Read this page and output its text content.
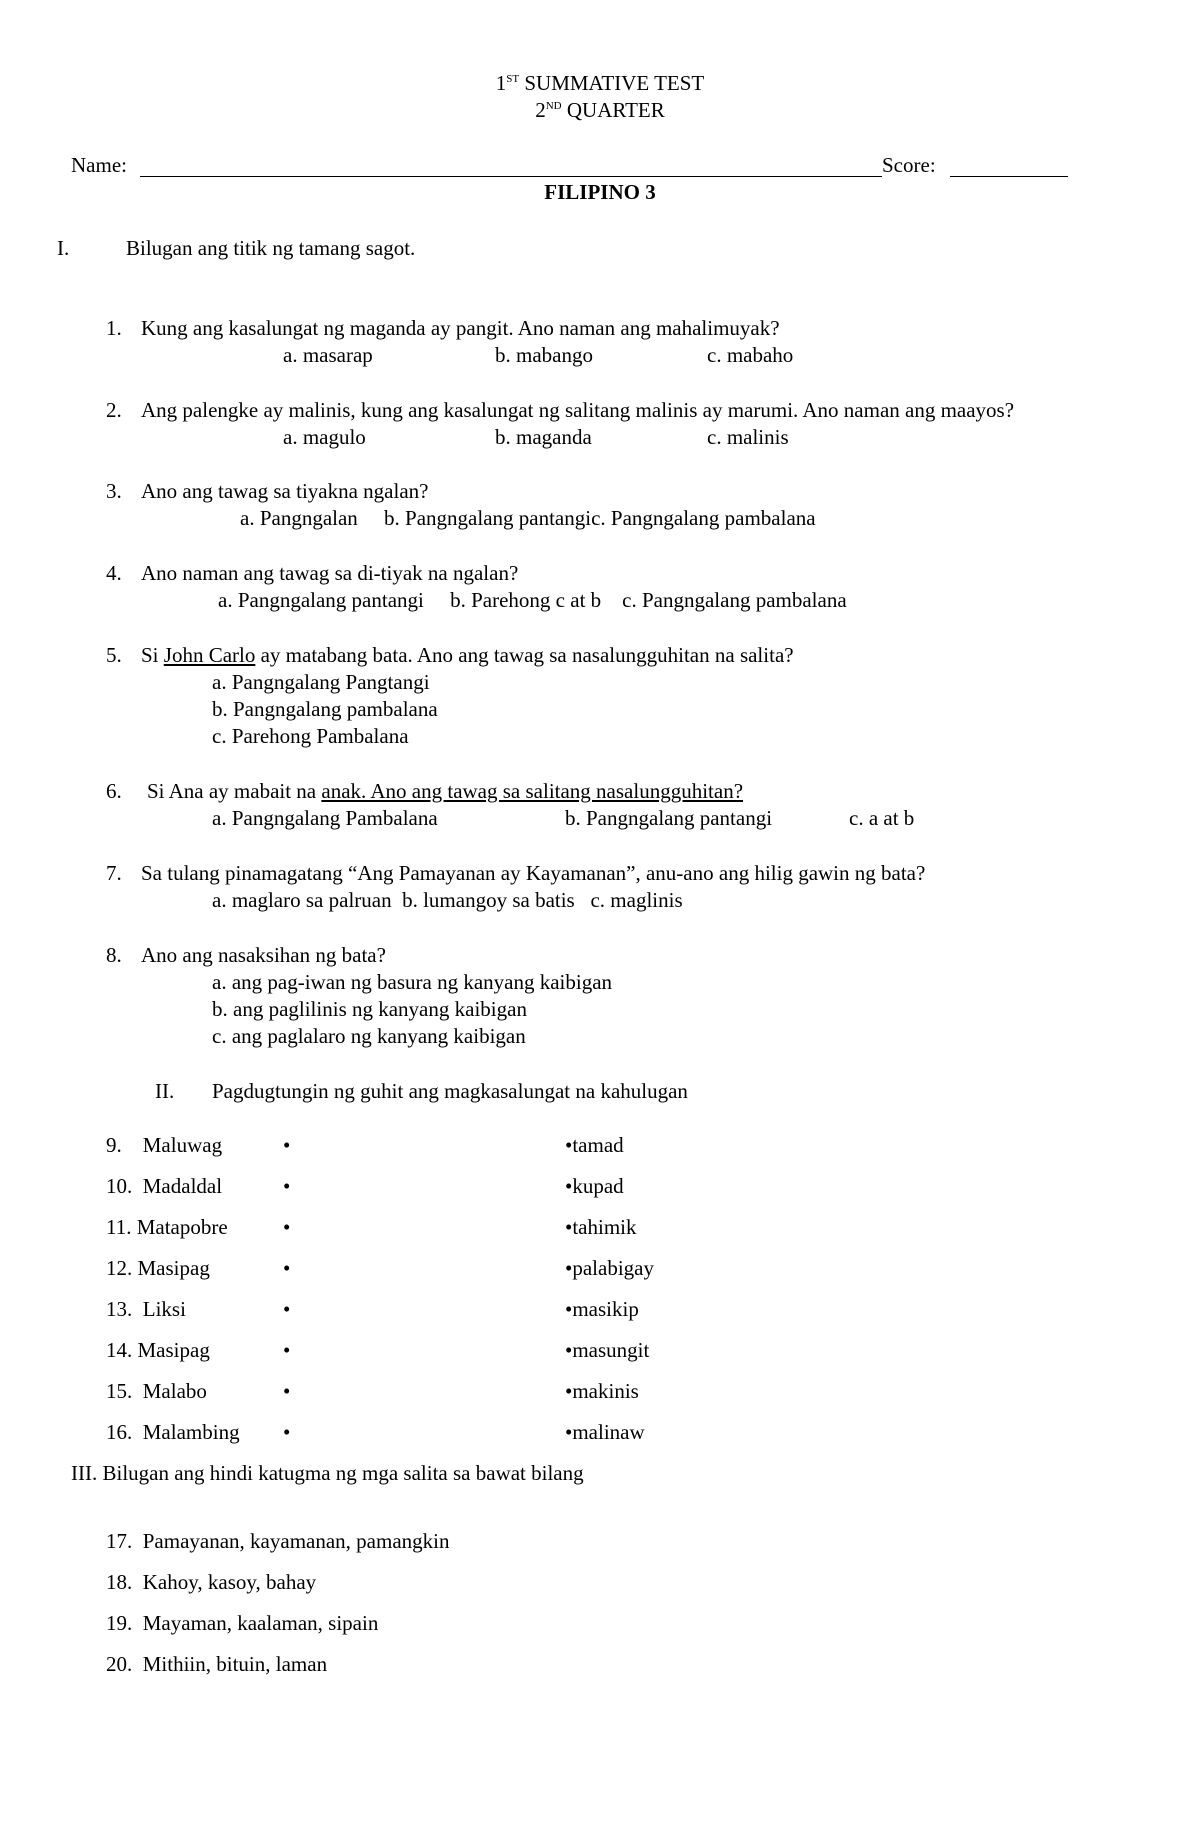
1ST SUMMATIVE TEST
2ND QUARTER
Name:	Score:
FILIPINO 3
I.	Bilugan ang titik ng tamang sagot.
1. Kung ang kasalungat ng maganda ay pangit. Ano naman ang mahalimuyak?
a. masarap	b. mabango	c. mabaho
2. Ang palengke ay malinis, kung ang kasalungat ng salitang malinis ay marumi. Ano naman ang maayos?
a. magulo	b. maganda	c. malinis
3. Ano ang tawag sa tiyakna ngalan?
a. Pangngalan     b. Pangngalang pantangic. Pangngalang pambalana
4. Ano naman ang tawag sa di-tiyak na ngalan?
a. Pangngalang pantangi     b. Parehong c at b    c. Pangngalang pambalana
5. Si John Carlo ay matabang bata. Ano ang tawag sa nasalungguhitan na salita?
a. Pangngalang Pangtangi
b. Pangngalang pambalana
c. Parehong Pambalana
6. Si Ana ay mabait na anak. Ano ang tawag sa salitang nasalungguhitan?
a. Pangngalang Pambalana	b. Pangngalang pantangi	c. a at b
7. Sa tulang pinamagatang “Ang Pamayanan ay Kayamanan”, anu-ano ang hilig gawin ng bata?
a. maglaro sa palruan  b. lumangoy sa batis   c. maglinis
8. Ano ang nasaksihan ng bata?
a. ang pag-iwan ng basura ng kanyang kaibigan
b. ang paglilinis ng kanyang kaibigan
c. ang paglalaro ng kanyang kaibigan
II. Pagdugtungin ng guhit ang magkasalungat na kahulugan
9.    Maluwag	•	•tamad
10.  Madaldal	•	•kupad
11. Matapobre	•	•tahimik
12. Masipag	•	•palabigay
13.  Liksi	•	•masikip
14. Masipag	•	•masungit
15.  Malabo	•	•makinis
16.  Malambing •	•malinaw
III. Bilugan ang hindi katugma ng mga salita sa bawat bilang
17.  Pamayanan, kayamanan, pamangkin
18.  Kahoy, kasoy, bahay
19.  Mayaman, kaalaman, sipain
20.  Mithiin, bituin, laman
